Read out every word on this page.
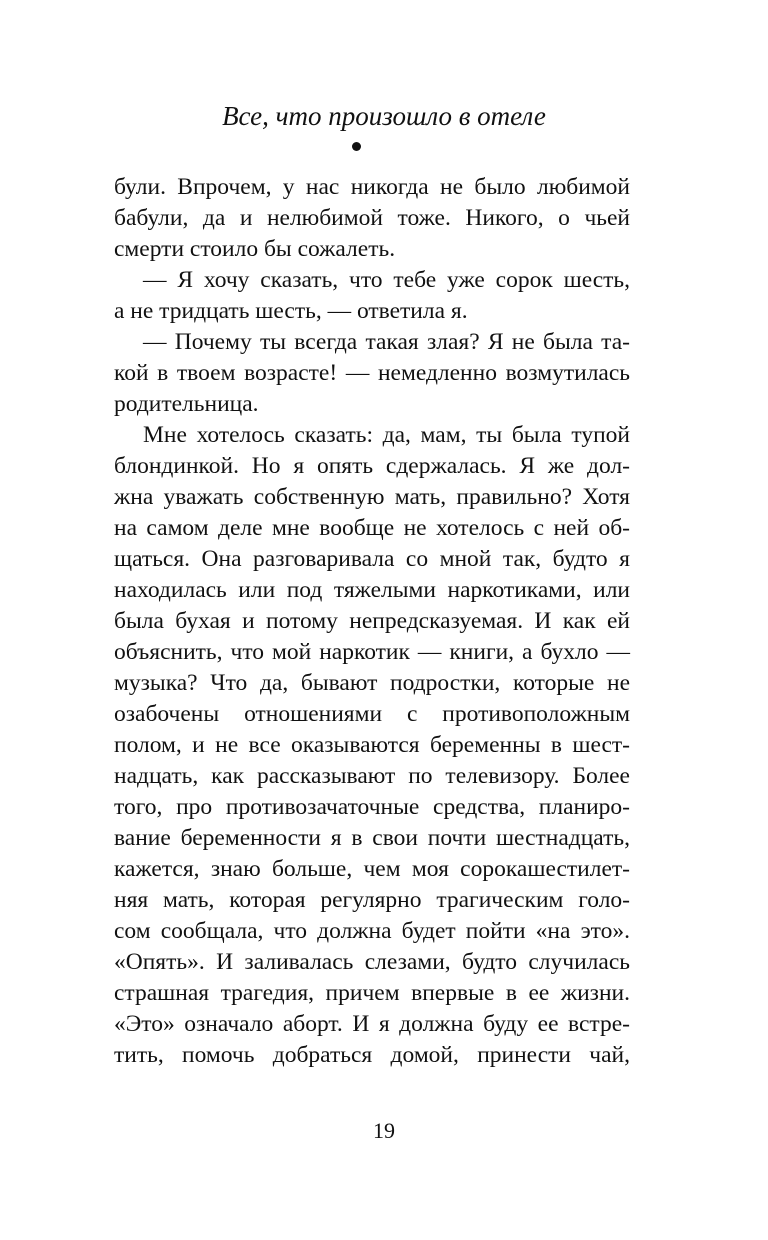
Все, что произошло в отеле
були. Впрочем, у нас никогда не было любимой
бабули, да и нелюбимой тоже. Никого, о чьей
смерти стоило бы сожалеть.
— Я хочу сказать, что тебе уже сорок шесть,
а не тридцать шесть, — ответила я.
— Почему ты всегда такая злая? Я не была та-
кой в твоем возрасте! — немедленно возмутилась
родительница.
Мне хотелось сказать: да, мам, ты была тупой
блондинкой. Но я опять сдержалась. Я же дол-
жна уважать собственную мать, правильно? Хотя
на самом деле мне вообще не хотелось с ней об-
щаться. Она разговаривала со мной так, будто я
находилась или под тяжелыми наркотиками, или
была бухая и потому непредсказуемая. И как ей
объяснить, что мой наркотик — книги, а бухло —
музыка? Что да, бывают подростки, которые не
озабочены отношениями с противоположным
полом, и не все оказываются беременны в шест-
надцать, как рассказывают по телевизору. Более
того, про противозачаточные средства, планиро-
вание беременности я в свои почти шестнадцать,
кажется, знаю больше, чем моя сорокашестилет-
няя мать, которая регулярно трагическим голо-
сом сообщала, что должна будет пойти «на это».
«Опять». И заливалась слезами, будто случилась
страшная трагедия, причем впервые в ее жизни.
«Это» означало аборт. И я должна буду ее встре-
тить, помочь добраться домой, принести чай,
19
